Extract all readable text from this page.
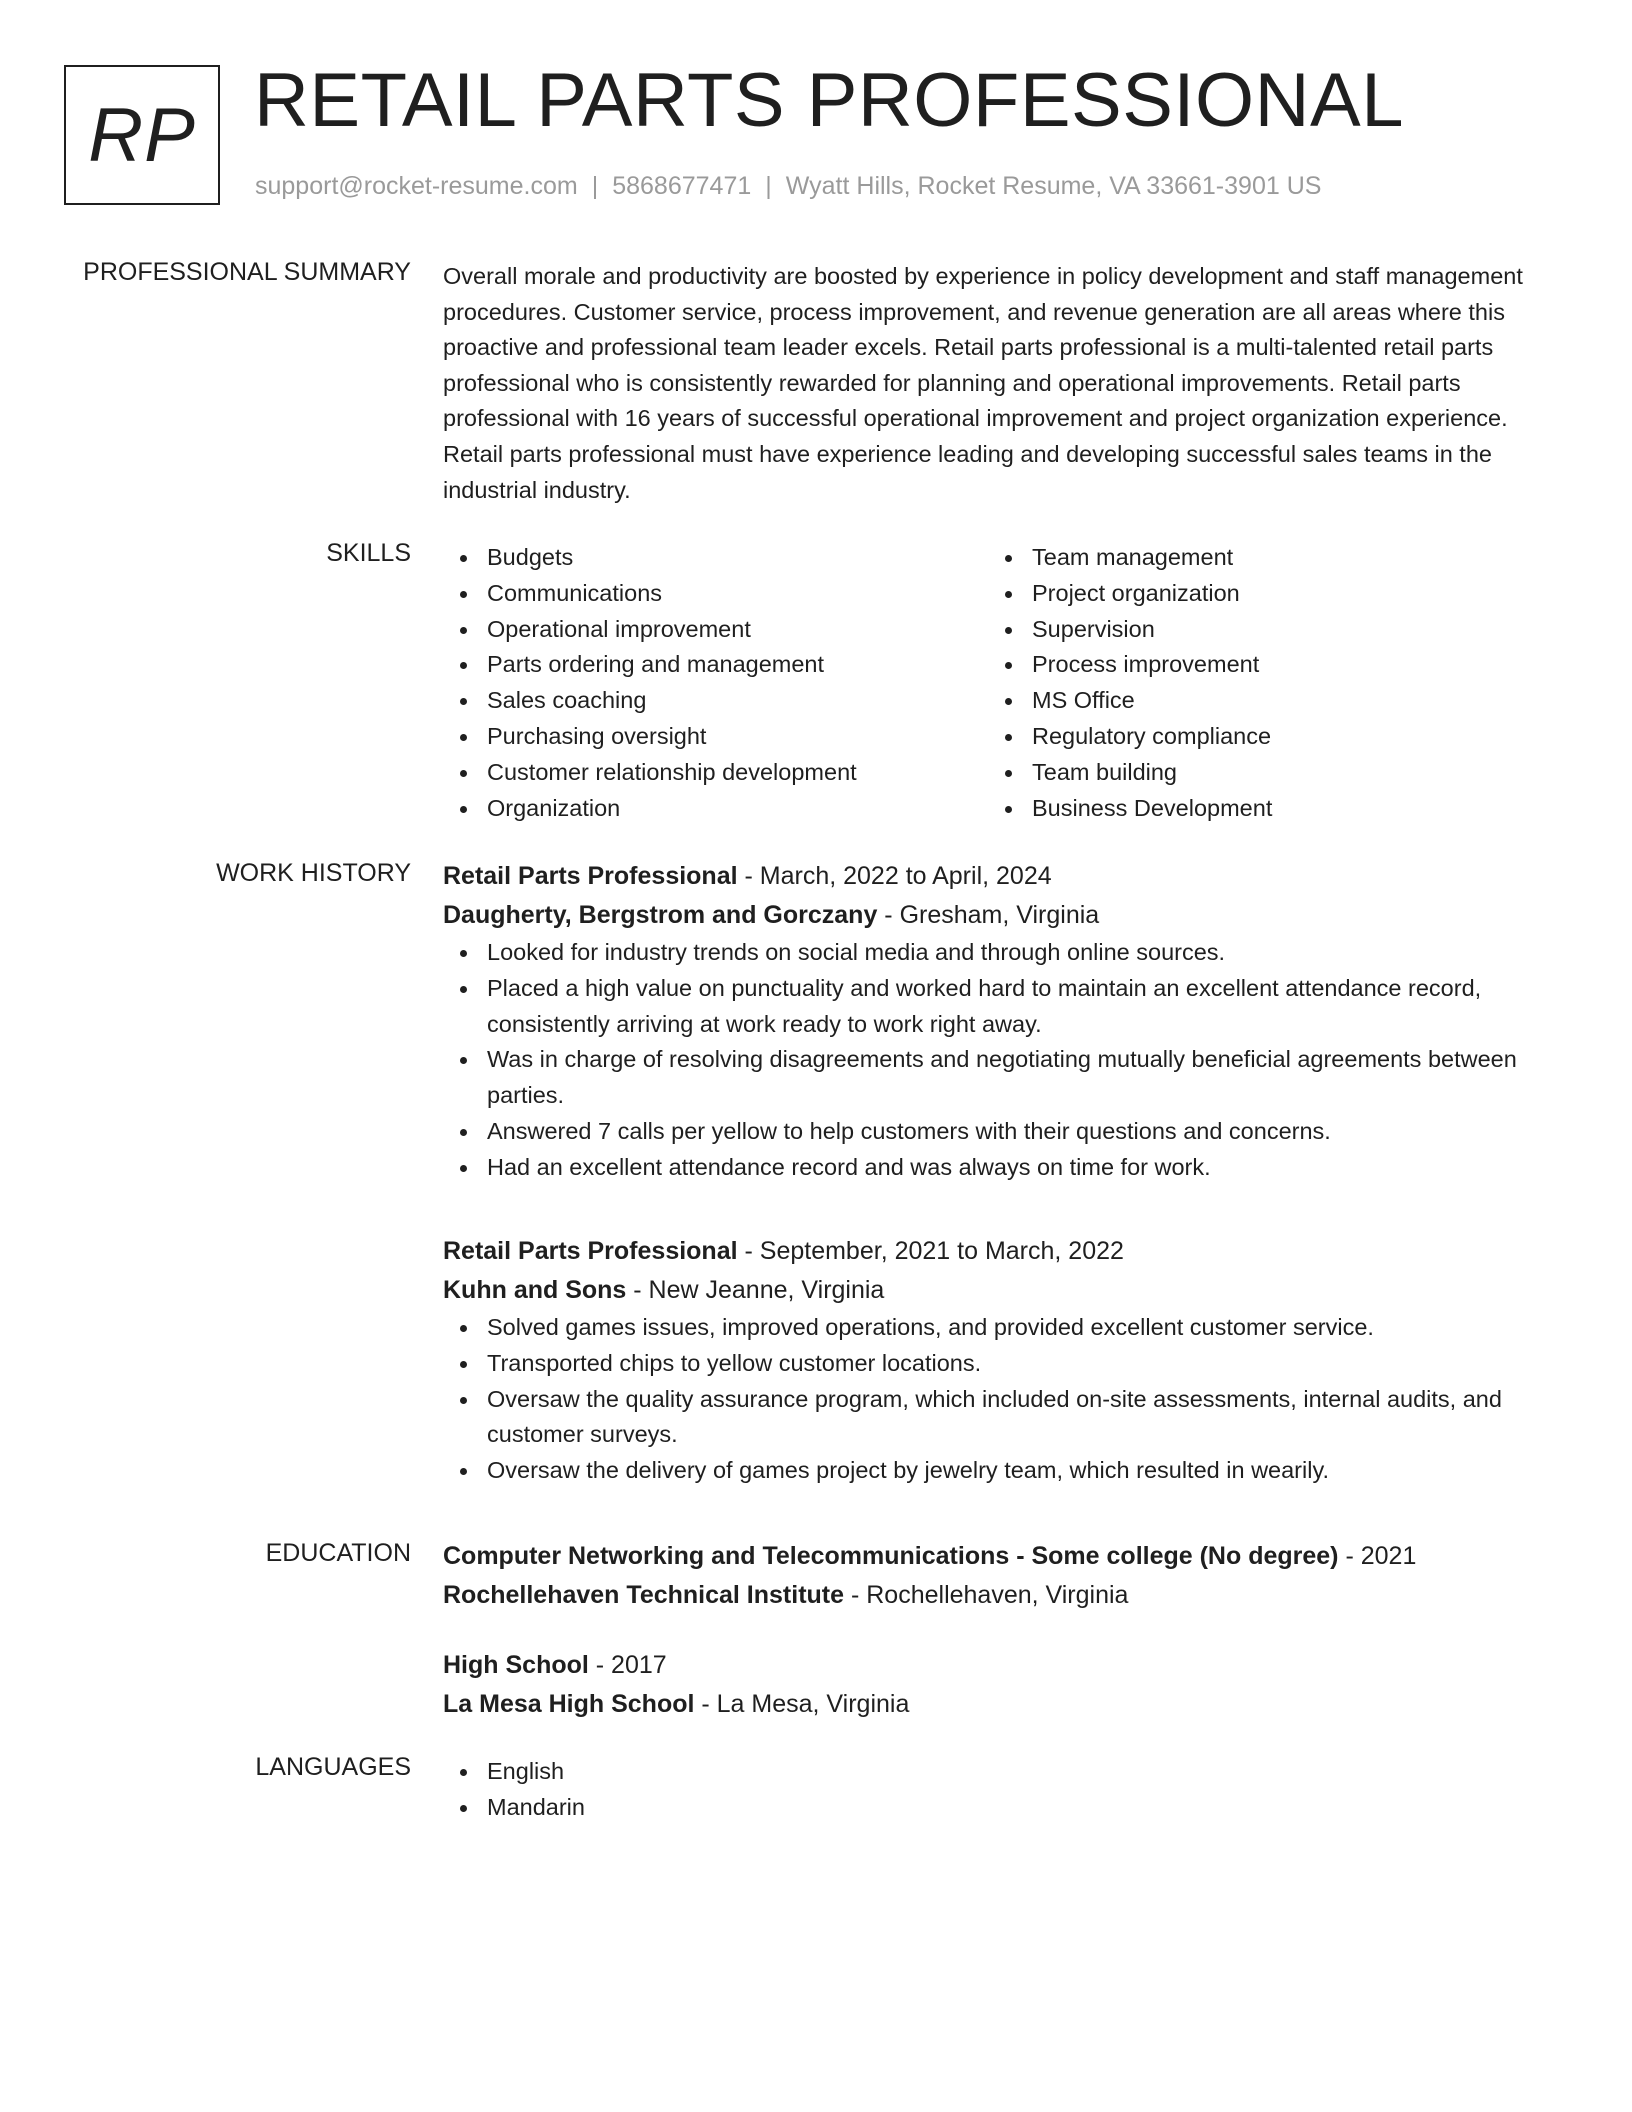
RP RETAIL PARTS PROFESSIONAL
support@rocket-resume.com | 5868677471 | Wyatt Hills, Rocket Resume, VA 33661-3901 US
PROFESSIONAL SUMMARY Overall morale and productivity are boosted by experience in policy development and staff management procedures. Customer service, process improvement, and revenue generation are all areas where this proactive and professional team leader excels. Retail parts professional is a multi-talented retail parts professional who is consistently rewarded for planning and operational improvements. Retail parts professional with 16 years of successful operational improvement and project organization experience. Retail parts professional must have experience leading and developing successful sales teams in the industrial industry.

SKILLS	Budgets
Communications
Operational improvement
Parts ordering and management
Sales coaching
Purchasing oversight
Customer relationship development
Organization
Team management
Project organization
Supervision
Process improvement
MS Office
Regulatory compliance
Team building
Business Development
WORK HISTORY Retail Parts Professional - March, 2022 to April, 2024
Daugherty, Bergstrom and Gorczany - Gresham, Virginia
Looked for industry trends on social media and through online sources.
Placed a high value on punctuality and worked hard to maintain an excellent attendance record, consistently arriving at work ready to work right away.
Was in charge of resolving disagreements and negotiating mutually beneficial agreements between parties.
Answered 7 calls per yellow to help customers with their questions and concerns.
Had an excellent attendance record and was always on time for work.
Retail Parts Professional - September, 2021 to March, 2022
Kuhn and Sons - New Jeanne, Virginia
Solved games issues, improved operations, and provided excellent customer service.
Transported chips to yellow customer locations.
Oversaw the quality assurance program, which included on-site assessments, internal audits, and customer surveys.
Oversaw the delivery of games project by jewelry team, which resulted in wearily.
EDUCATION Computer Networking and Telecommunications - Some college (No degree) - 2021
Rochellehaven Technical Institute - Rochellehaven, Virginia
High School - 2017
La Mesa High School - La Mesa, Virginia
LANGUAGES	English
Mandarin
